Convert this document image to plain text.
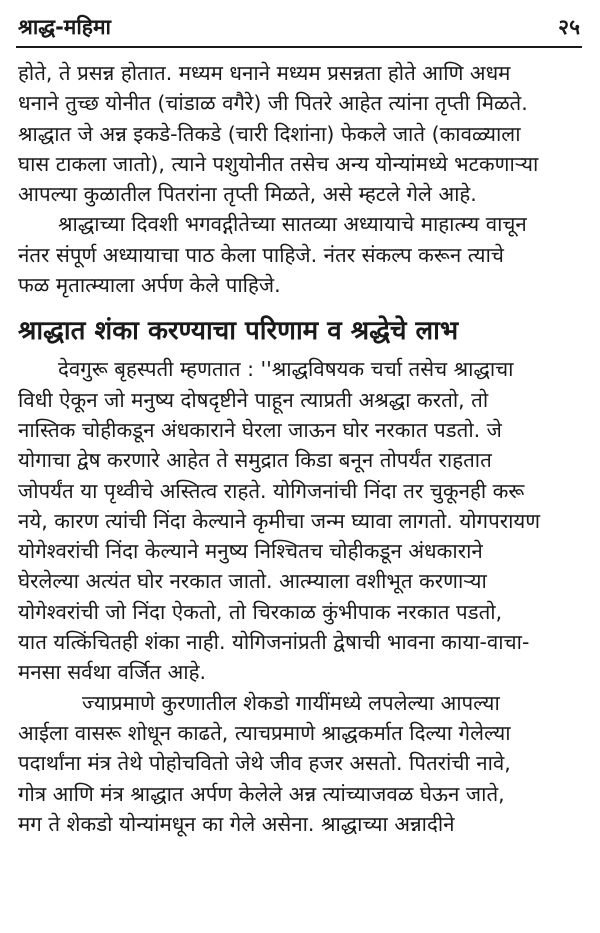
श्राद्ध-महिमा	२५
होते, ते प्रसन्न होतात. मध्यम धनाने मध्यम प्रसन्नता होते आणि अधम
धनाने तुच्छ योनीत (चांडाळ वगैरे) जी पितरे आहेत त्यांना तृप्ती मिळते.
श्राद्धात जे अन्न इकडे-तिकडे (चारी दिशांना) फेकले जाते (कावळ्याला
घास टाकला जातो), त्याने पशुयोनीत तसेच अन्य योन्यांमध्ये भटकणाऱ्या
आपल्या कुळातील पितरांना तृप्ती मिळते, असे म्हटले गेले आहे.
श्राद्धाच्या दिवशी भगवद्गीतेच्या सातव्या अध्यायाचे माहात्म्य वाचून
नंतर संपूर्ण अध्यायाचा पाठ केला पाहिजे. नंतर संकल्प करून त्याचे
फळ मृतात्म्याला अर्पण केले पाहिजे.
श्राद्धात शंका करण्याचा परिणाम व श्रद्धेचे लाभ
देवगुरू बृहस्पती म्हणतात : ''श्राद्धविषयक चर्चा तसेच श्राद्धाचा
विधी ऐकून जो मनुष्य दोषदृष्टीने पाहून त्याप्रती अश्रद्धा करतो, तो
नास्तिक चोहीकडून अंधकाराने घेरला जाऊन घोर नरकात पडतो. जे
योगाचा द्वेष करणारे आहेत ते समुद्रात किडा बनून तोपर्यंत राहतात
जोपर्यंत या पृथ्वीचे अस्तित्व राहते. योगिजनांची निंदा तर चुकूनही करू
नये, कारण त्यांची निंदा केल्याने कृमीचा जन्म घ्यावा लागतो. योगपरायण
योगेश्वरांची निंदा केल्याने मनुष्य निश्चितच चोहीकडून अंधकाराने
घेरलेल्या अत्यंत घोर नरकात जातो. आत्म्याला वशीभूत करणाऱ्या
योगेश्वरांची जो निंदा ऐकतो, तो चिरकाळ कुंभीपाक नरकात पडतो,
यात यत्किंचितही शंका नाही. योगिजनांप्रती द्वेषाची भावना काया-वाचा-
मनसा सर्वथा वर्जित आहे.
ज्याप्रमाणे कुरणातील शेकडो गायींमध्ये लपलेल्या आपल्या
आईला वासरू शोधून काढते, त्याचप्रमाणे श्राद्धकर्मात दिल्या गेलेल्या
पदार्थांना मंत्र तेथे पोहोचवितो जेथे जीव हजर असतो. पितरांची नावे,
गोत्र आणि मंत्र श्राद्धात अर्पण केलेले अन्न त्यांच्याजवळ घेऊन जाते,
मग ते शेकडो योन्यांमधून का गेले असेना. श्राद्धाच्या अन्नादीने
